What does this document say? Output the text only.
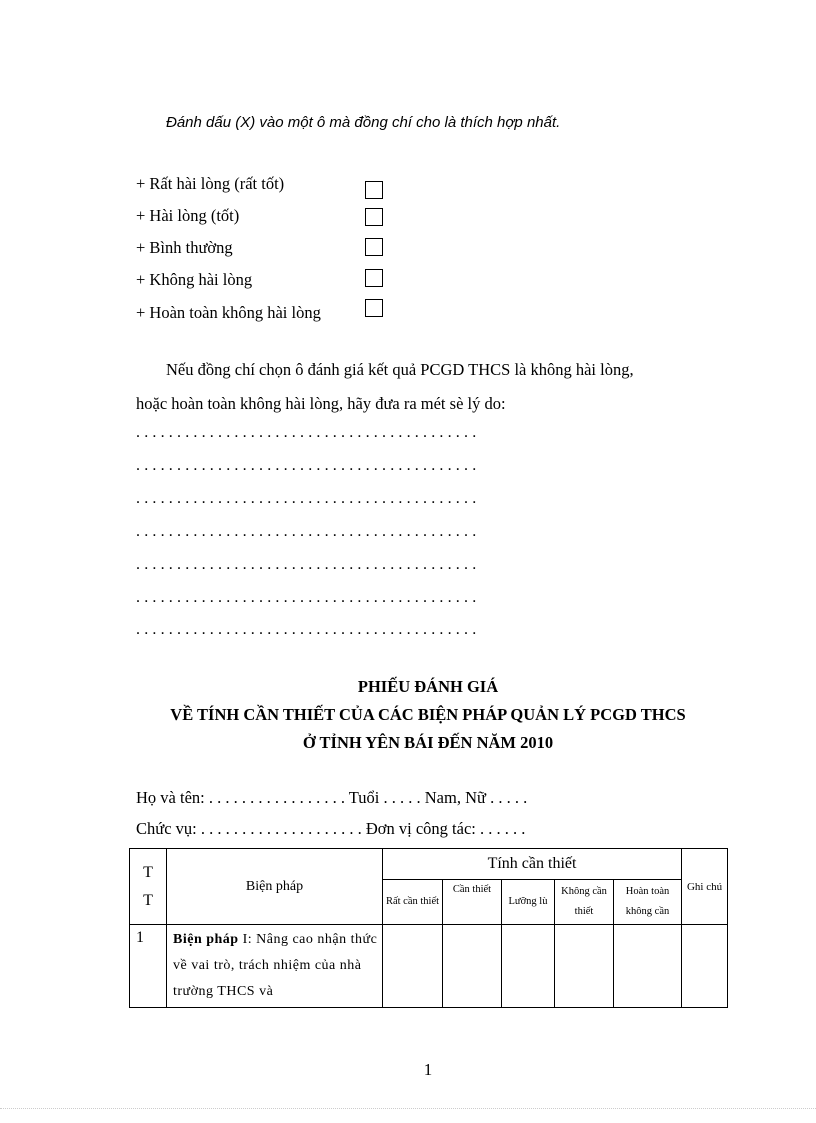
Đánh dấu (X) vào một ô mà đồng chí cho là thích hợp nhất.
+ Rất hài lòng (rất tốt)
+ Hài lòng (tốt)
+ Bình thường
+ Không hài lòng
+ Hoàn toàn không hài lòng
Nếu đồng chí chọn ô đánh giá kết quả PCGD THCS là không hài lòng,
hoặc hoàn toàn không hài lòng, hãy đưa ra mét sè lý do:
..........................................
..........................................
..........................................
..........................................
..........................................
..........................................
..........................................
PHIẾU ĐÁNH GIÁ
VỀ TÍNH CẦN THIẾT CỦA CÁC BIỆN PHÁP QUẢN LÝ PCGD THCS
Ở TỈNH YÊN BÁI ĐẾN NĂM 2010
Họ và tên: . . . . . . . . . . . . . . . . . Tuổi . . . . . Nam, Nữ . . . . .
Chức vụ: . . . . . . . . . . . . . . . . . . . . Đơn vị công tác: . . . . . .
T T	Biện pháp	Tính cần thiết					Ghi chú
		Rất cần thiết	Cần thiết	Lưỡng lù	Không cần thiết	Hoàn toàn không cần	
1	Biện pháp I: Nâng cao nhận thức về vai trò, trách nhiệm của nhà trường THCS và						
1
